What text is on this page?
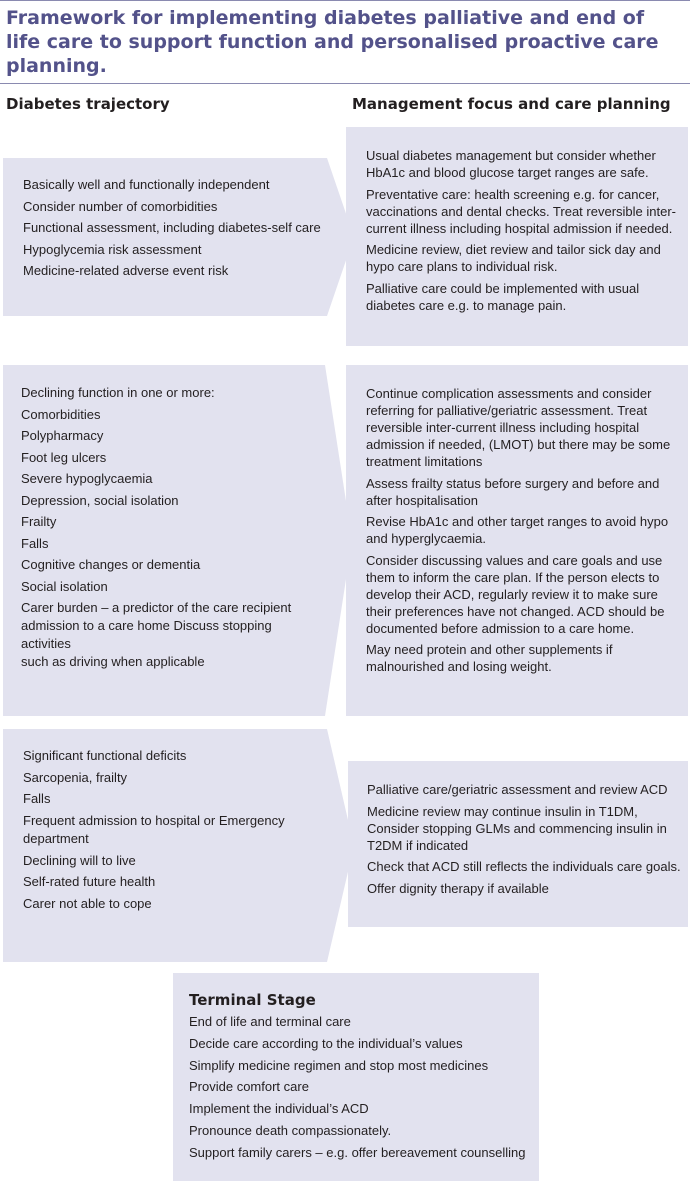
Framework for implementing diabetes palliative and end of
life care to support function and personalised proactive care
planning.
Diabetes trajectory	Management focus and care planning

Basically well and functionally independent

Consider number of comorbidities

Functional assessment, including diabetes-self care

Hypoglycemia risk assessment

Medicine-related adverse event risk

Declining function in one or more:

Comorbidities

Polypharmacy

Foot leg ulcers

Severe hypoglycaemia

Depression, social isolation

Frailty

Falls

Cognitive changes or dementia

Social isolation

Carer burden – a predictor of the care recipient
admission to a care home Discuss stopping activities
such as driving when applicable

Significant functional deficits

Sarcopenia, frailty

Falls

Frequent admission to hospital or Emergency
department

Declining will to live

Self-rated future health

Carer not able to cope

Usual diabetes management but consider whether
HbA1c and blood glucose target ranges are safe.

Preventative care: health screening e.g. for cancer,
vaccinations and dental checks. Treat reversible inter-
current illness including hospital admission if needed.

Medicine review, diet review and tailor sick day and
hypo care plans to individual risk.

Palliative care could be implemented with usual
diabetes care e.g. to manage pain.

Continue complication assessments and consider
referring for palliative/geriatric assessment. Treat
reversible inter-current illness including hospital
admission if needed, (LMOT) but there may be some
treatment limitations

Assess frailty status before surgery and before and
after hospitalisation

Revise HbA1c and other target ranges to avoid hypo
and hyperglycaemia.

Consider discussing values and care goals and use
them to inform the care plan. If the person elects to
develop their ACD, regularly review it to make sure
their preferences have not changed. ACD should be
documented before admission to a care home.

May need protein and other supplements if
malnourished and losing weight.

Palliative care/geriatric assessment and review ACD

Medicine review may continue insulin in T1DM,
Consider stopping GLMs and commencing insulin in
T2DM if indicated

Check that ACD still reflects the individuals care goals.

Offer dignity therapy if available

Terminal Stage

End of life and terminal care

Decide care according to the individual’s values

Simplify medicine regimen and stop most medicines

Provide comfort care

Implement the individual’s ACD

Pronounce death compassionately.

Support family carers – e.g. offer bereavement counselling
